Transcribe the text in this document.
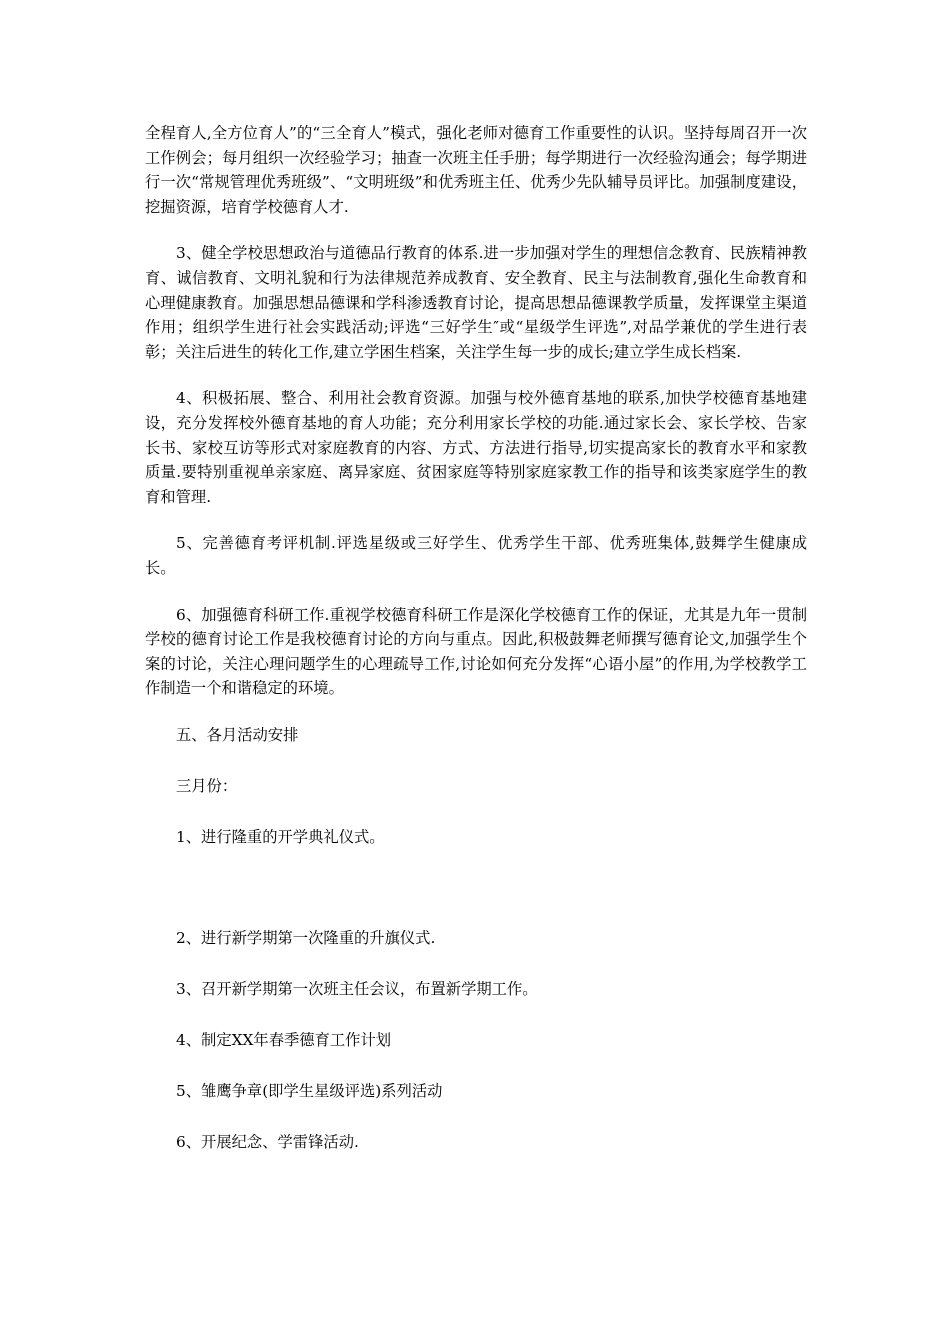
全程育人,全方位育人”的“三全育人”模式，强化老师对德育工作重要性的认识。坚持每周召开一次工作例会；每月组织一次经验学习；抽查一次班主任手册；每学期进行一次经验沟通会；每学期进行一次“常规管理优秀班级”、“文明班级”和优秀班主任、优秀少先队辅导员评比。加强制度建设，挖掘资源，培育学校德育人才.

3、健全学校思想政治与道德品行教育的体系.进一步加强对学生的理想信念教育、民族精神教育、诚信教育、文明礼貌和行为法律规范养成教育、安全教育、民主与法制教育,强化生命教育和心理健康教育。加强思想品德课和学科渗透教育讨论，提高思想品德课教学质量，发挥课堂主渠道作用；组织学生进行社会实践活动;评选“三好学生″或“星级学生评选”,对品学兼优的学生进行表彰；关注后进生的转化工作,建立学困生档案，关注学生每一步的成长;建立学生成长档案.

4、积极拓展、整合、利用社会教育资源。加强与校外德育基地的联系,加快学校德育基地建设，充分发挥校外德育基地的育人功能；充分利用家长学校的功能.通过家长会、家长学校、告家长书、家校互访等形式对家庭教育的内容、方式、方法进行指导,切实提高家长的教育水平和家教质量.要特别重视单亲家庭、离异家庭、贫困家庭等特别家庭家教工作的指导和该类家庭学生的教育和管理.

5、完善德育考评机制.评选星级或三好学生、优秀学生干部、优秀班集体,鼓舞学生健康成长。

6、加强德育科研工作.重视学校德育科研工作是深化学校德育工作的保证，尤其是九年一贯制学校的德育讨论工作是我校德育讨论的方向与重点。因此,积极鼓舞老师撰写德育论文,加强学生个案的讨论，关注心理问题学生的心理疏导工作,讨论如何充分发挥“心语小屋”的作用,为学校教学工作制造一个和谐稳定的环境。

五、各月活动安排
三月份：
1、进行隆重的开学典礼仪式。
2、进行新学期第一次隆重的升旗仪式.
3、召开新学期第一次班主任会议，布置新学期工作。
4、制定XX年春季德育工作计划
5、雏鹰争章(即学生星级评选)系列活动
6、开展纪念、学雷锋活动.
